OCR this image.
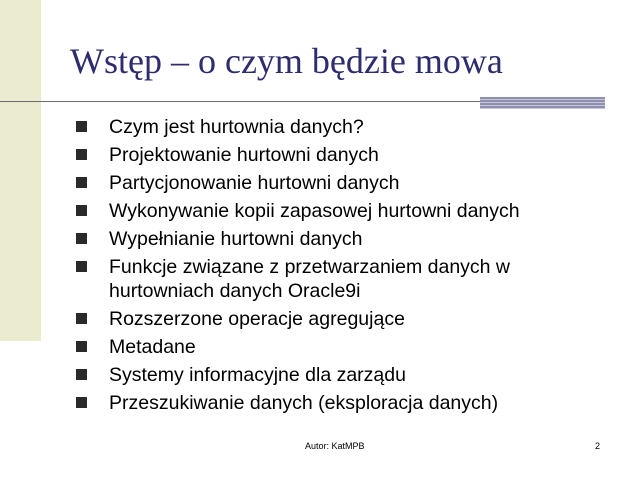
Wstęp – o czym będzie mowa
Czym jest hurtownia danych?
Projektowanie hurtowni danych
Partycjonowanie hurtowni danych
Wykonywanie kopii zapasowej hurtowni danych
Wypełnianie hurtowni danych
Funkcje związane z przetwarzaniem danych w hurtowniach danych Oracle9i
Rozszerzone operacje agregujące
Metadane
Systemy informacyjne dla zarządu
Przeszukiwanie danych (eksploracja danych)
Autor: KatMPB	2
